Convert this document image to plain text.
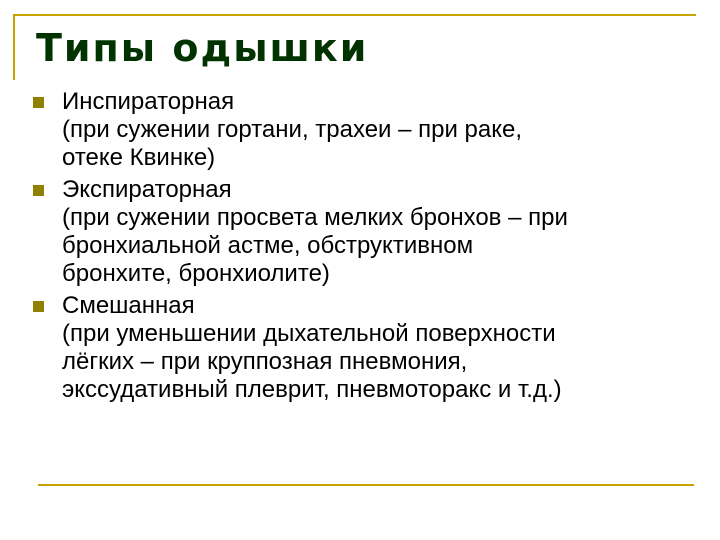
Типы одышки
Инспираторная
(при сужении гортани, трахеи – при раке,
отеке Квинке)
Экспираторная
(при сужении просвета мелких бронхов – при
бронхиальной астме, обструктивном
бронхите, бронхиолите)
Смешанная
(при уменьшении дыхательной поверхности
лёгких – при круппозная пневмония,
экссудативный плеврит, пневмоторакс и т.д.)
